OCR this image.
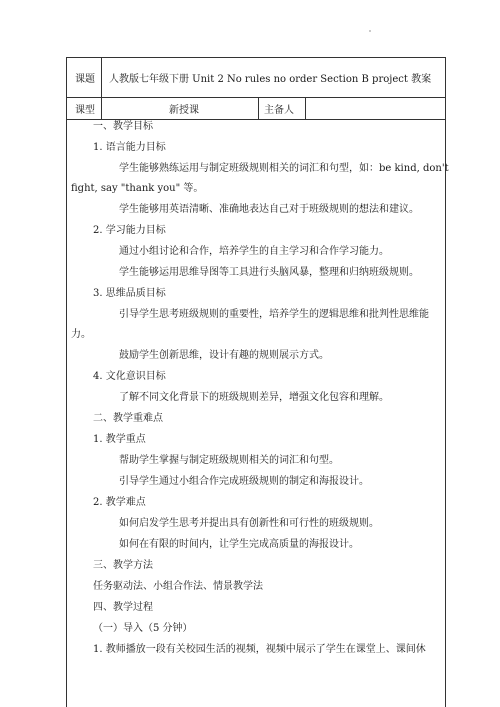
课题 人教版七年级下册 Unit 2 No rules no order Section B project 教案
课型	新授课	主备人
一、教学目标
1. 语言能力目标
学生能够熟练运用与制定班级规则相关的词汇和句型，如：be kind, don't
fight, say "thank you" 等。
学生能够用英语清晰、准确地表达自己对于班级规则的想法和建议。
2. 学习能力目标
通过小组讨论和合作，培养学生的自主学习和合作学习能力。
学生能够运用思维导图等工具进行头脑风暴，整理和归纳班级规则。
3. 思维品质目标
引导学生思考班级规则的重要性，培养学生的逻辑思维和批判性思维能
力。
鼓励学生创新思维，设计有趣的规则展示方式。
4. 文化意识目标
了解不同文化背景下的班级规则差异，增强文化包容和理解。
二、教学重难点
1. 教学重点
帮助学生掌握与制定班级规则相关的词汇和句型。
引导学生通过小组合作完成班级规则的制定和海报设计。
2. 教学难点
如何启发学生思考并提出具有创新性和可行性的班级规则。
如何在有限的时间内，让学生完成高质量的海报设计。
三、教学方法
任务驱动法、小组合作法、情景教学法
四、教学过程
（一）导入（5 分钟）
1. 教师播放一段有关校园生活的视频，视频中展示了学生在课堂上、课间休
